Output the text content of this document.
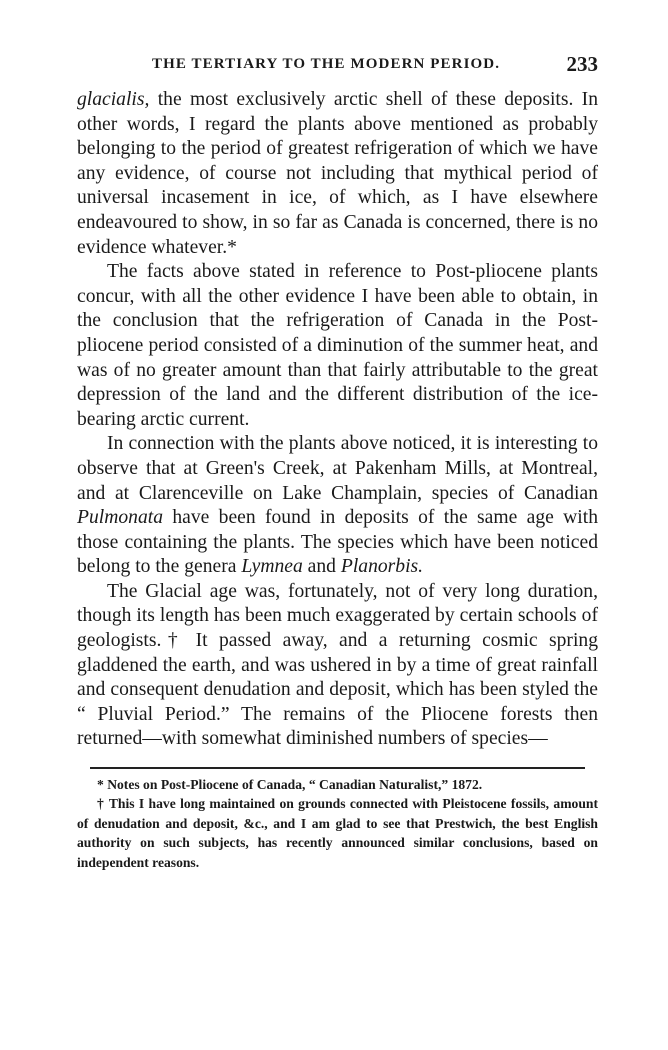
THE TERTIARY TO THE MODERN PERIOD.	233

glacialis, the most exclusively arctic shell of these deposits. In other words, I regard the plants above mentioned as probably belonging to the period of greatest refrigeration of which we have any evidence, of course not including that mythical period of universal incasement in ice, of which, as I have elsewhere endeavoured to show, in so far as Canada is concerned, there is no evidence whatever.*

The facts above stated in reference to Post-pliocene plants concur, with all the other evidence I have been able to obtain, in the conclusion that the refrigeration of Canada in the Post-pliocene period consisted of a diminution of the summer heat, and was of no greater amount than that fairly attributable to the great depression of the land and the different distribution of the ice-bearing arctic current.

In connection with the plants above noticed, it is interesting to observe that at Green's Creek, at Pakenham Mills, at Montreal, and at Clarenceville on Lake Champlain, species of Canadian Pulmonata have been found in deposits of the same age with those containing the plants. The species which have been noticed belong to the genera Lymnea and Planorbis.

The Glacial age was, fortunately, not of very long duration, though its length has been much exaggerated by certain schools of geologists.† It passed away, and a returning cosmic spring gladdened the earth, and was ushered in by a time of great rainfall and consequent denudation and deposit, which has been styled the “ Pluvial Period.” The remains of the Pliocene forests then returned—with somewhat diminished numbers of species—

* Notes on Post-Pliocene of Canada, “ Canadian Naturalist,” 1872.

† This I have long maintained on grounds connected with Pleistocene fossils, amount of denudation and deposit, &c., and I am glad to see that Prestwich, the best English authority on such subjects, has recently announced similar conclusions, based on independent reasons.
